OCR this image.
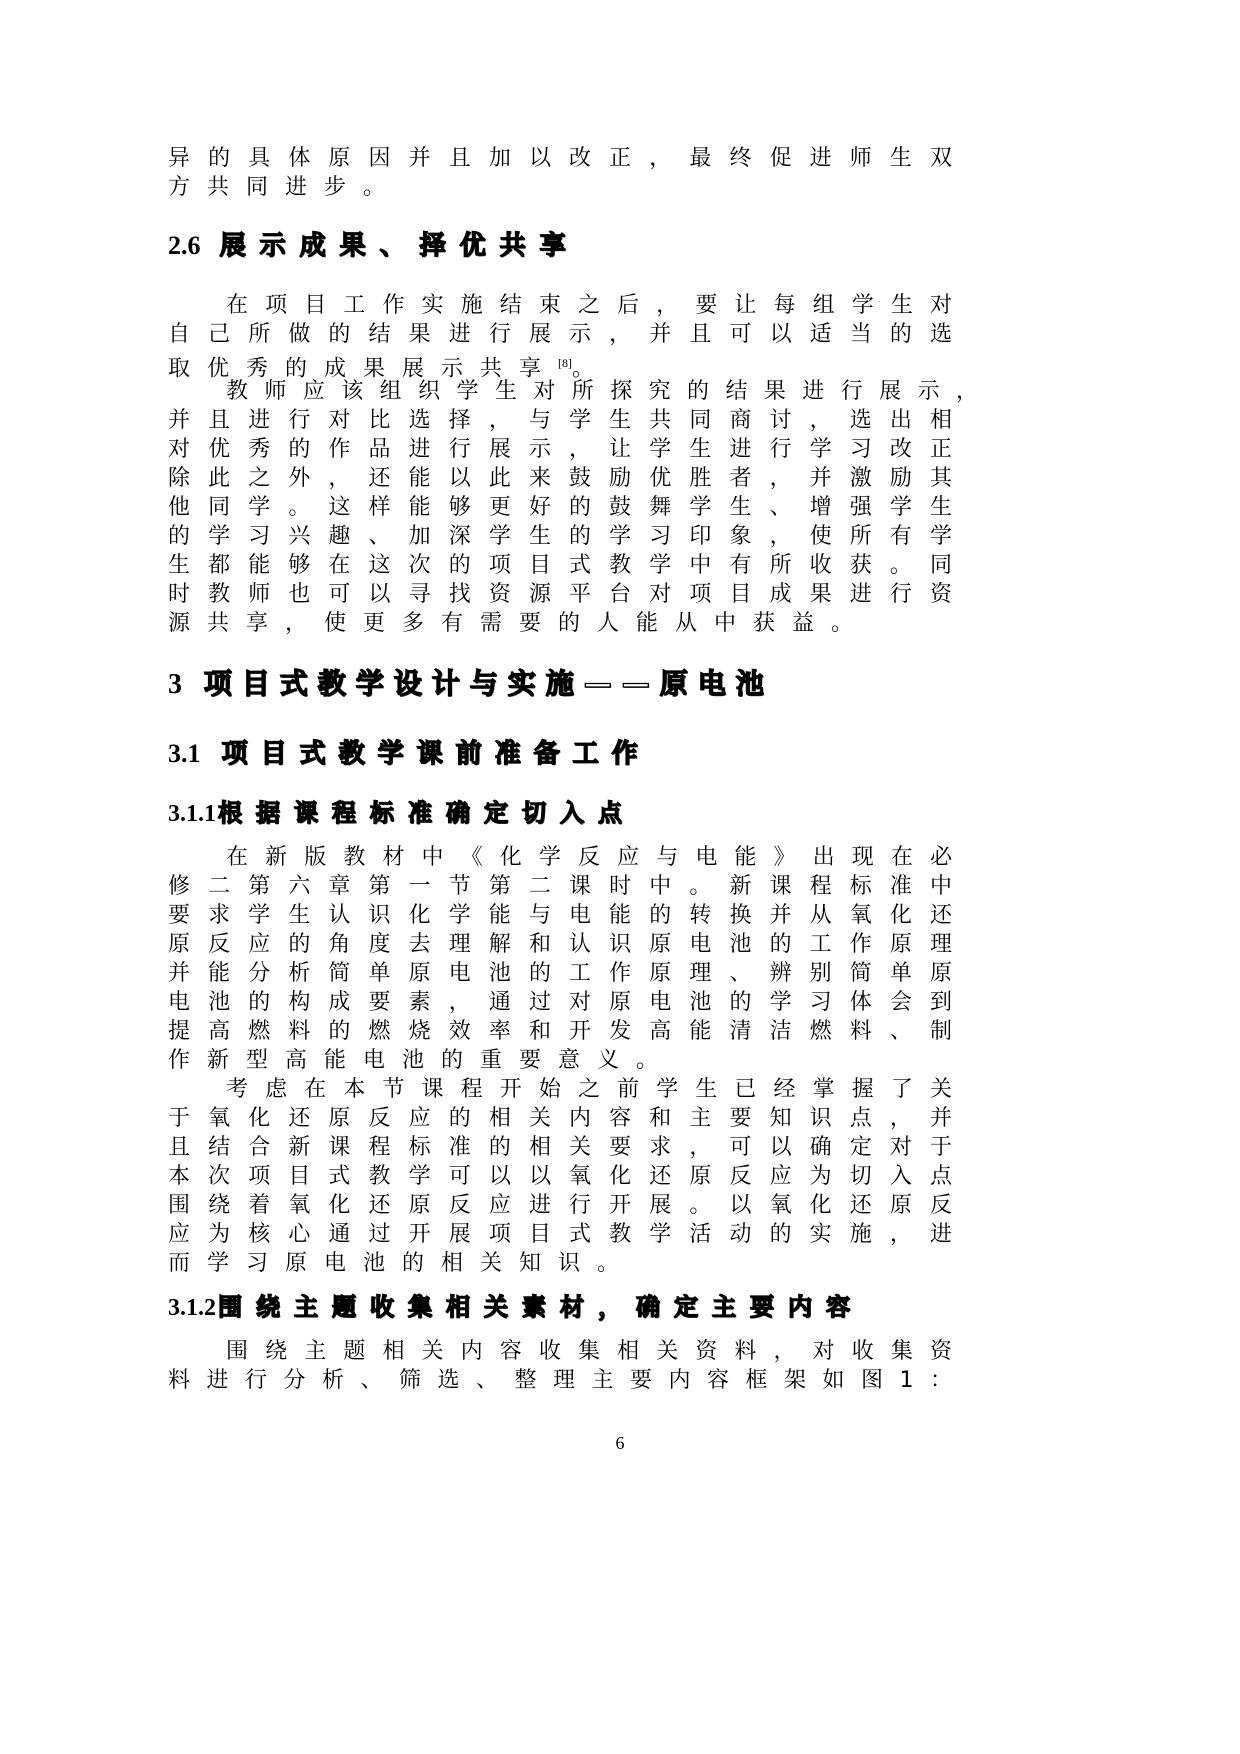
异的具体原因并且加以改正，最终促进师生双
方共同进步。
2.6 展示成果、择优共享
在项目工作实施结束之后，要让每组学生对
自己所做的结果进行展示，并且可以适当的选
取优秀的成果展示共享[8]。
教师应该组织学生对所探究的结果进行展示，
并且进行对比选择，与学生共同商讨，选出相
对优秀的作品进行展示，让学生进行学习改正
除此之外，还能以此来鼓励优胜者，并激励其
他同学。这样能够更好的鼓舞学生、增强学生
的学习兴趣、加深学生的学习印象，使所有学
生都能够在这次的项目式教学中有所收获。同
时教师也可以寻找资源平台对项目成果进行资
源共享，使更多有需要的人能从中获益。
3 项目式教学设计与实施——原电池
3.1 项目式教学课前准备工作
3.1.1根据课程标准确定切入点
在新版教材中《化学反应与电能》出现在必
修二第六章第一节第二课时中。新课程标准中
要求学生认识化学能与电能的转换并从氧化还
原反应的角度去理解和认识原电池的工作原理
并能分析简单原电池的工作原理、辨别简单原
电池的构成要素，通过对原电池的学习体会到
提高燃料的燃烧效率和开发高能清洁燃料、制
作新型高能电池的重要意义。
考虑在本节课程开始之前学生已经掌握了关
于氧化还原反应的相关内容和主要知识点，并
且结合新课程标准的相关要求，可以确定对于
本次项目式教学可以以氧化还原反应为切入点
围绕着氧化还原反应进行开展。以氧化还原反
应为核心通过开展项目式教学活动的实施，进
而学习原电池的相关知识。
3.1.2围绕主题收集相关素材，确定主要内容
围绕主题相关内容收集相关资料，对收集资
料进行分析、筛选、整理主要内容框架如图1：
6
